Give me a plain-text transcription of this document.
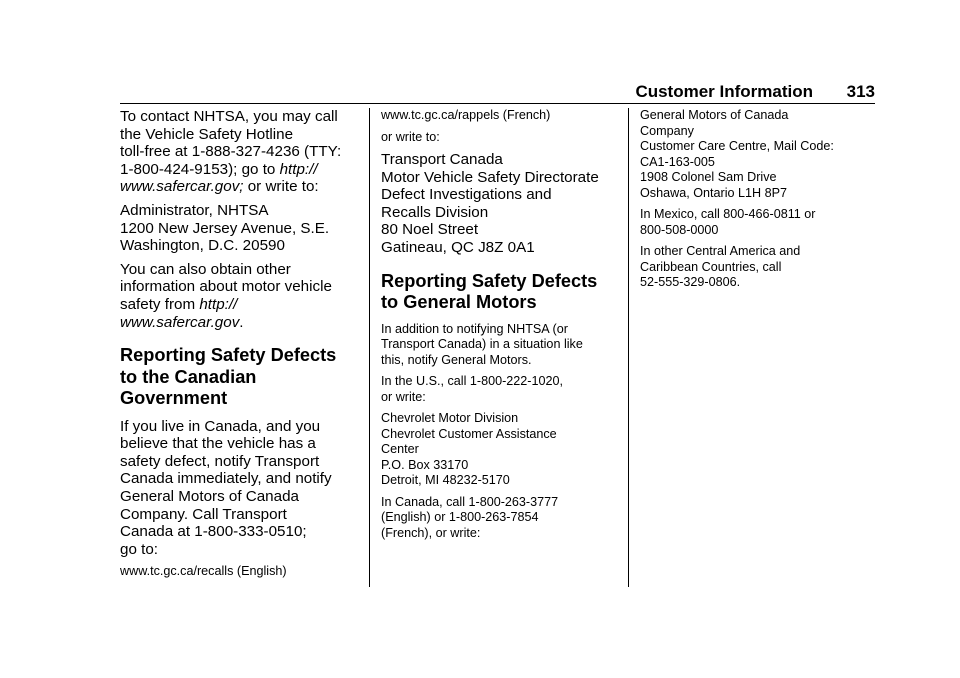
Customer Information 313

To contact NHTSA, you may call
the Vehicle Safety Hotline
toll-free at 1-888-327-4236 (TTY:
1-800-424-9153); go to http://
www.safercar.gov; or write to:

Administrator, NHTSA
1200 New Jersey Avenue, S.E.
Washington, D.C. 20590

You can also obtain other
information about motor vehicle
safety from http://
www.safercar.gov.

Reporting Safety Defects
to the Canadian
Government

If you live in Canada, and you
believe that the vehicle has a
safety defect, notify Transport
Canada immediately, and notify
General Motors of Canada
Company. Call Transport
Canada at 1-800-333-0510;
go to:

www.tc.gc.ca/recalls (English)

www.tc.gc.ca/rappels (French)

or write to:

Transport Canada
Motor Vehicle Safety Directorate
Defect Investigations and
Recalls Division
80 Noel Street
Gatineau, QC J8Z 0A1

Reporting Safety Defects
to General Motors

In addition to notifying NHTSA (or
Transport Canada) in a situation like
this, notify General Motors.

In the U.S., call 1-800-222-1020,
or write:

Chevrolet Motor Division
Chevrolet Customer Assistance
Center
P.O. Box 33170
Detroit, MI 48232-5170

In Canada, call 1-800-263-3777
(English) or 1-800-263-7854
(French), or write:

General Motors of Canada
Company
Customer Care Centre, Mail Code:
CA1-163-005
1908 Colonel Sam Drive
Oshawa, Ontario L1H 8P7

In Mexico, call 800-466-0811 or
800-508-0000

In other Central America and
Caribbean Countries, call
52-555-329-0806.
